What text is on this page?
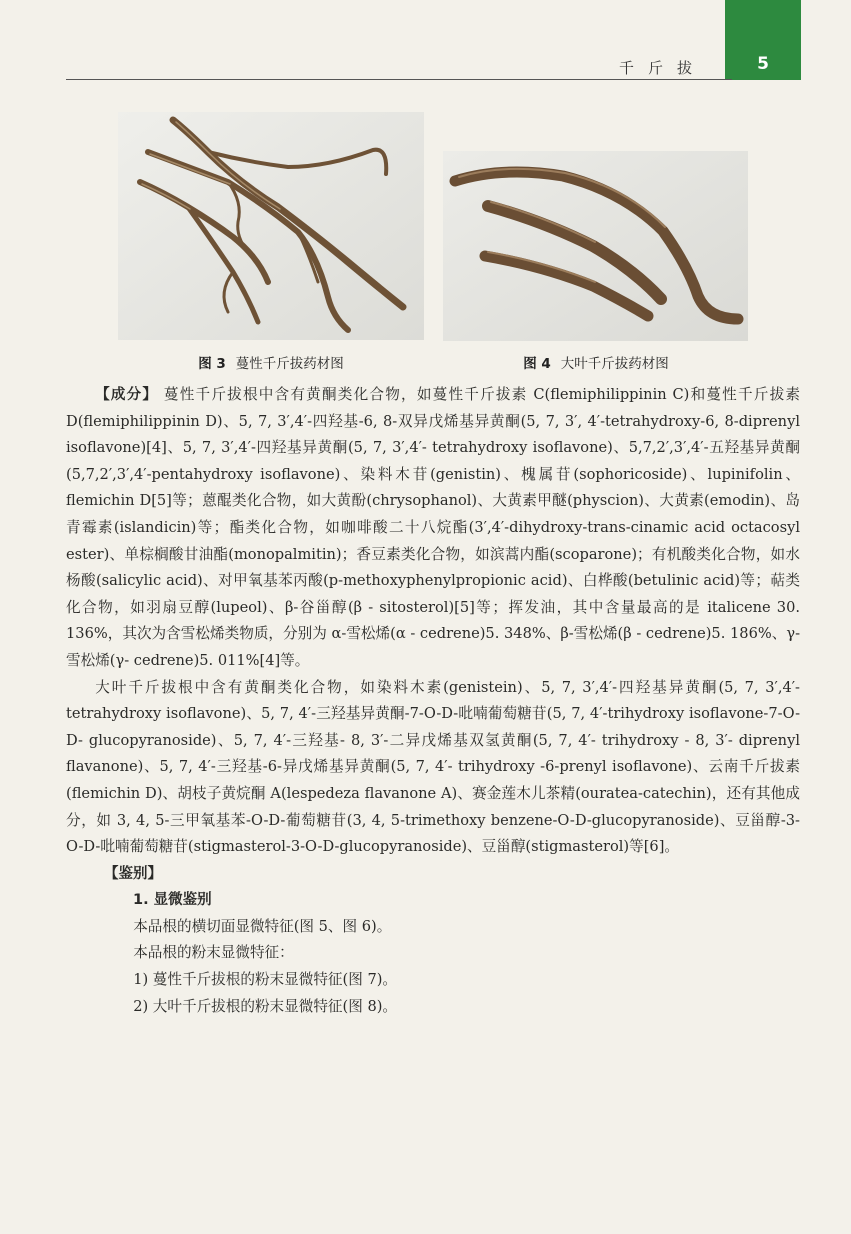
5
千斤拔
图 3 蔓性千斤拔药材图	图 4 大叶千斤拔药材图

【成分】 蔓性千斤拔根中含有黄酮类化合物，如蔓性千斤拔素 C(flemiphilippinin C)和蔓性千斤拔素 D(flemiphilippinin D)、5, 7, 3′,4′-四羟基-6, 8-双异戊烯基异黄酮(5, 7, 3′, 4′-tetrahydroxy-6, 8-diprenyl isoflavone)[4]、5, 7, 3′,4′-四羟基异黄酮(5, 7, 3′,4′- tetrahydroxy isoflavone)、5,7,2′,3′,4′-五羟基异黄酮(5,7,2′,3′,4′-pentahydroxy isoflavone)、染料木苷(genistin)、槐属苷(sophoricoside)、lupinifolin、flemichin D[5]等；蒽醌类化合物，如大黄酚(chrysophanol)、大黄素甲醚(physcion)、大黄素(emodin)、岛青霉素(islandicin)等；酯类化合物，如咖啡酸二十八烷酯(3′,4′-dihydroxy-trans-cinamic acid octacosyl ester)、单棕榈酸甘油酯(monopalmitin)；香豆素类化合物，如滨蒿内酯(scoparone)；有机酸类化合物，如水杨酸(salicylic acid)、对甲氧基苯丙酸(p-methoxyphenylpropionic acid)、白桦酸(betulinic acid)等；萜类化合物，如羽扇豆醇(lupeol)、β-谷甾醇(β - sitosterol)[5]等；挥发油，其中含量最高的是 italicene 30. 136%，其次为含雪松烯类物质，分别为 α-雪松烯(α - cedrene)5. 348%、β-雪松烯(β - cedrene)5. 186%、γ-雪松烯(γ- cedrene)5. 011%[4]等。

大叶千斤拔根中含有黄酮类化合物，如染料木素(genistein)、5, 7, 3′,4′-四羟基异黄酮(5, 7, 3′,4′- tetrahydroxy isoflavone)、5, 7, 4′-三羟基异黄酮-7-O-D-吡喃葡萄糖苷(5, 7, 4′-trihydroxy isoflavone-7-O-D- glucopyranoside)、5, 7, 4′-三羟基- 8, 3′-二异戊烯基双氢黄酮(5, 7, 4′- trihydroxy - 8, 3′- diprenyl flavanone)、5, 7, 4′-三羟基-6-异戊烯基异黄酮(5, 7, 4′- trihydroxy -6-prenyl isoflavone)、云南千斤拔素(flemichin D)、胡枝子黄烷酮 A(lespedeza flavanone A)、赛金莲木儿茶精(ouratea-catechin)，还有其他成分，如 3, 4, 5-三甲氧基苯-O-D-葡萄糖苷(3, 4, 5-trimethoxy benzene-O-D-glucopyranoside)、豆甾醇-3-O-D-吡喃葡萄糖苷(stigmasterol-3-O-D-glucopyranoside)、豆甾醇(stigmasterol)等[6]。

【鉴别】

1. 显微鉴别

本品根的横切面显微特征(图 5、图 6)。

本品根的粉末显微特征：

1) 蔓性千斤拔根的粉末显微特征(图 7)。

2) 大叶千斤拔根的粉末显微特征(图 8)。
